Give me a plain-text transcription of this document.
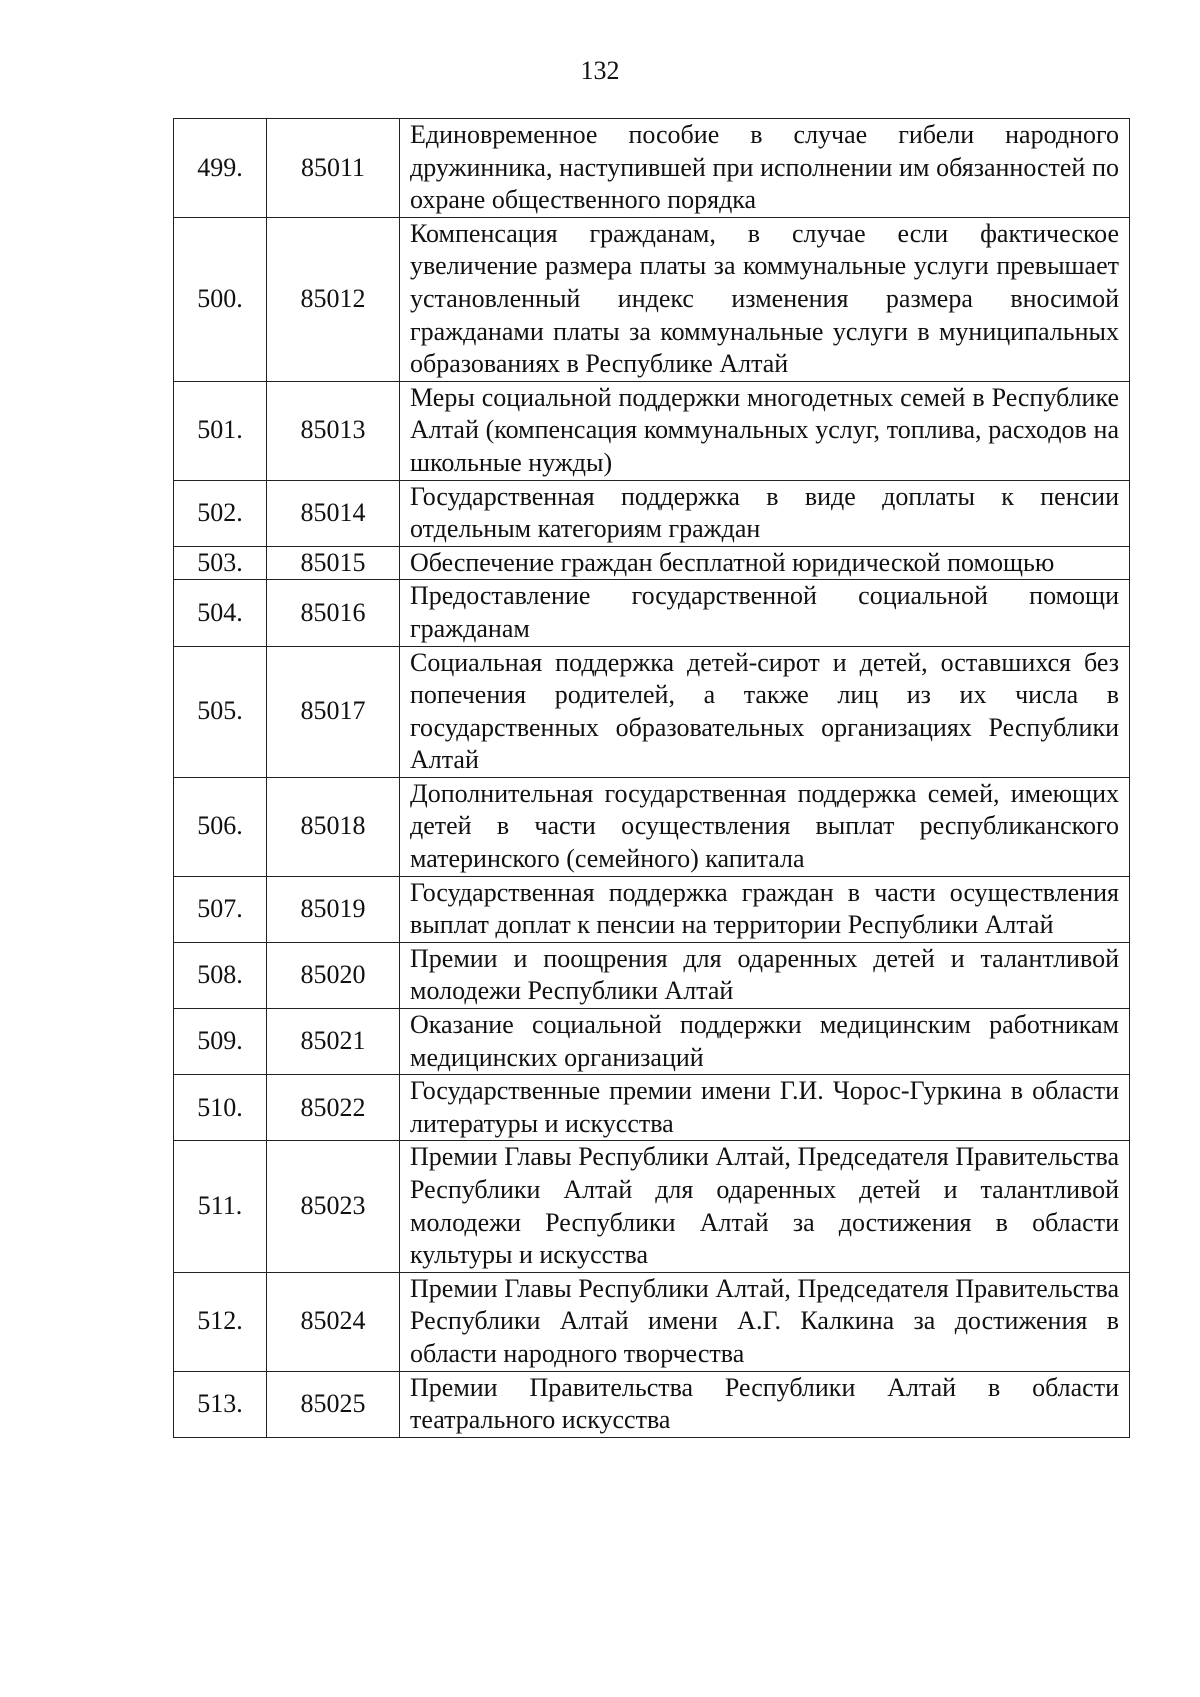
132
499.	85011	Единовременное пособие в случае гибели народного дружинника, наступившей при исполнении им обязанностей по охране общественного порядка
500.	85012	Компенсация гражданам, в случае если фактическое увеличение размера платы за коммунальные услуги превышает установленный индекс изменения размера вносимой гражданами платы за коммунальные услуги в муниципальных образованиях в Республике Алтай
501.	85013	Меры социальной поддержки многодетных семей в Республике Алтай (компенсация коммунальных услуг, топлива, расходов на школьные нужды)
502.	85014	Государственная поддержка в виде доплаты к пенсии отдельным категориям граждан
503.	85015	Обеспечение граждан бесплатной юридической помощью
504.	85016	Предоставление государственной социальной помощи гражданам
505.	85017	Социальная поддержка детей-сирот и детей, оставшихся без попечения родителей, а также лиц из их числа в государственных образовательных организациях Республики Алтай
506.	85018	Дополнительная государственная поддержка семей, имеющих детей в части осуществления выплат республиканского материнского (семейного) капитала
507.	85019	Государственная поддержка граждан в части осуществления выплат доплат к пенсии на территории Республики Алтай
508.	85020	Премии и поощрения для одаренных детей и талантливой молодежи Республики Алтай
509.	85021	Оказание социальной поддержки медицинским работникам медицинских организаций
510.	85022	Государственные премии имени Г.И. Чорос-Гуркина в области литературы и искусства
511.	85023	Премии Главы Республики Алтай, Председателя Правительства Республики Алтай для одаренных детей и талантливой молодежи Республики Алтай за достижения в области культуры и искусства
512.	85024	Премии Главы Республики Алтай, Председателя Правительства Республики Алтай имени А.Г. Калкина за достижения в области народного творчества
513.	85025	Премии Правительства Республики Алтай в области театрального искусства
